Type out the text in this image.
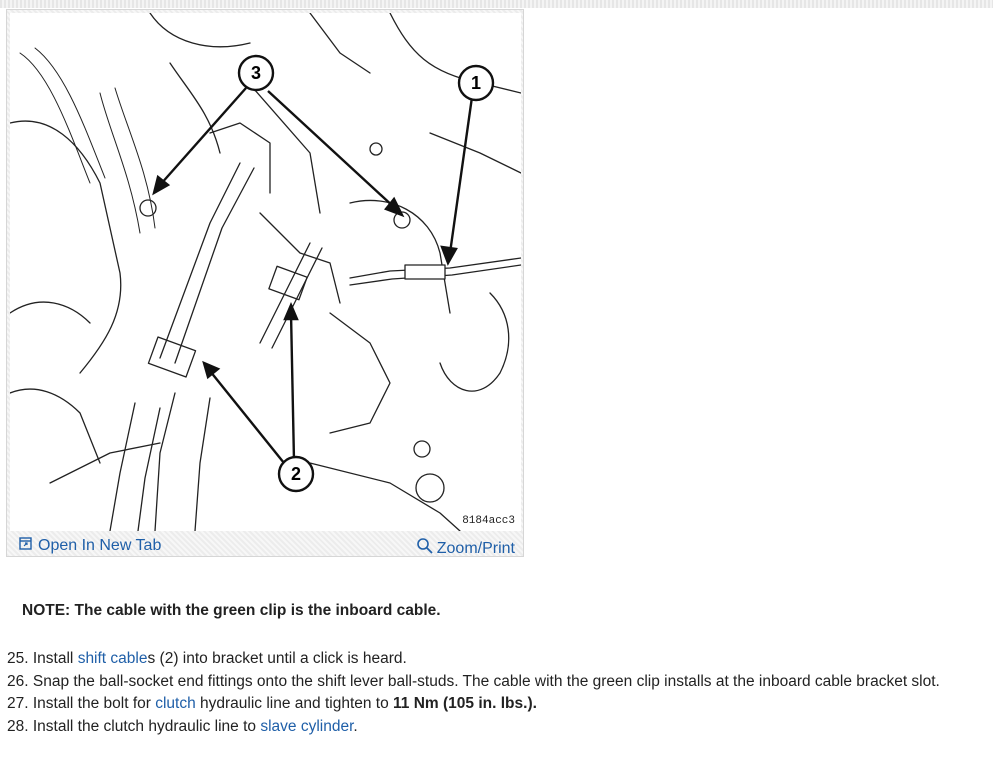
3	1
2
8184acc3
Open In New Tab	Zoom/Print
NOTE: The cable with the green clip is the inboard cable.
25. Install shift cables (2) into bracket until a click is heard.
26. Snap the ball-socket end fittings onto the shift lever ball-studs. The cable with the green clip installs at the inboard cable bracket slot.
27. Install the bolt for clutch hydraulic line and tighten to 11 Nm (105 in. lbs.).
28. Install the clutch hydraulic line to slave cylinder.
